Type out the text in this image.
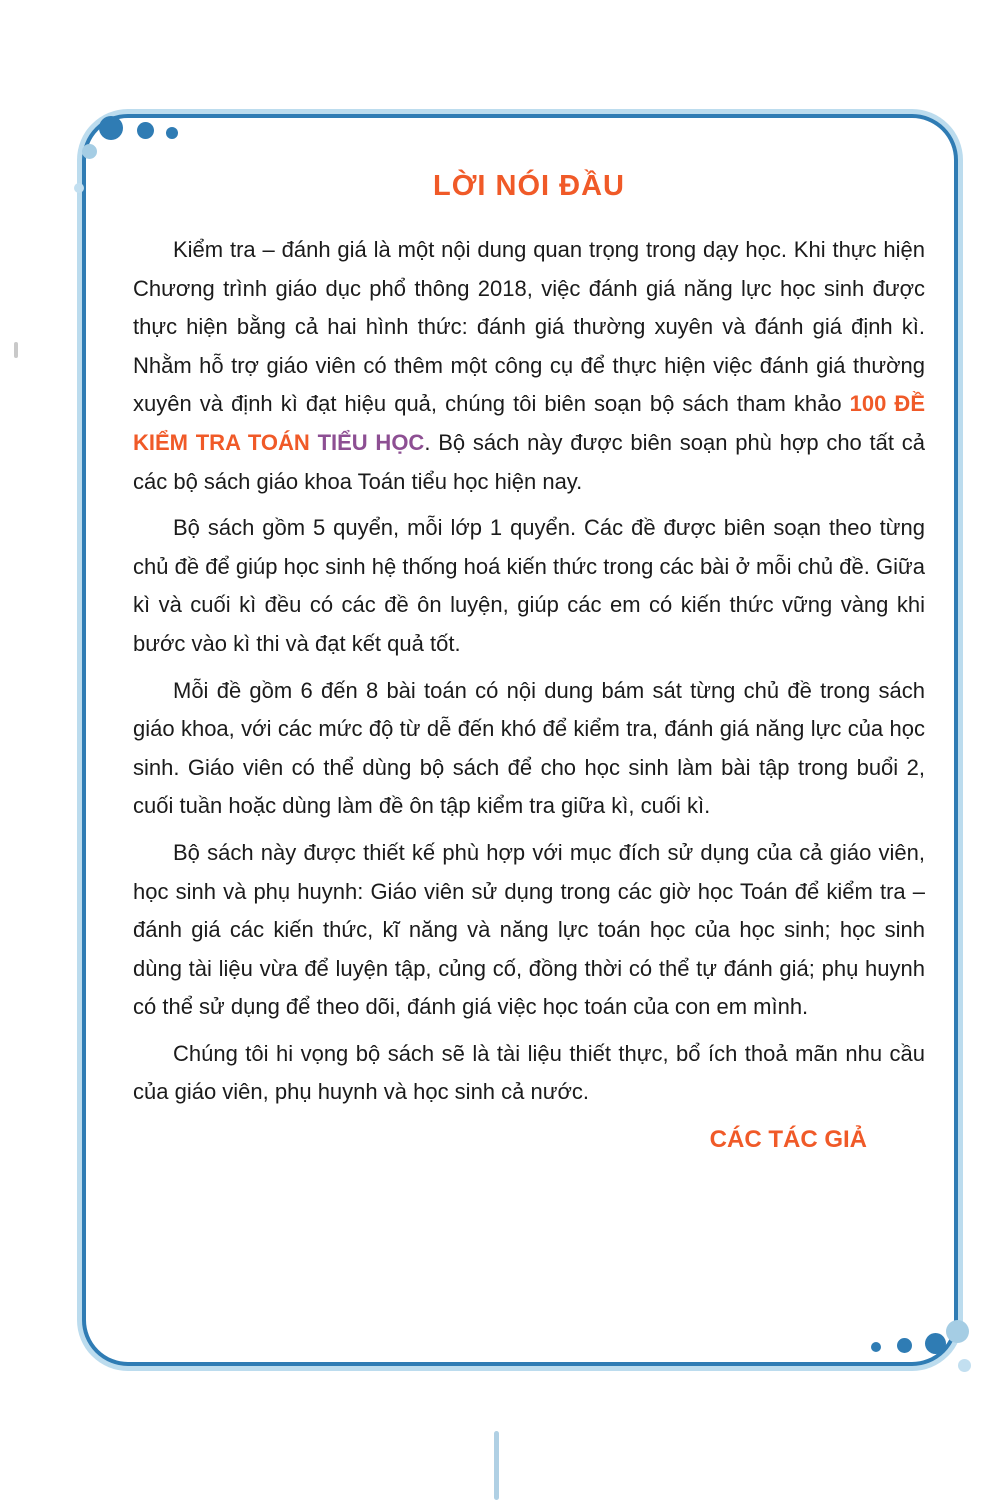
LỜI NÓI ĐẦU

Kiểm tra – đánh giá là một nội dung quan trọng trong dạy học. Khi thực hiện Chương trình giáo dục phổ thông 2018, việc đánh giá năng lực học sinh được thực hiện bằng cả hai hình thức: đánh giá thường xuyên và đánh giá định kì. Nhằm hỗ trợ giáo viên có thêm một công cụ để thực hiện việc đánh giá thường xuyên và định kì đạt hiệu quả, chúng tôi biên soạn bộ sách tham khảo 100 ĐỀ KIỂM TRA TOÁN TIỂU HỌC. Bộ sách này được biên soạn phù hợp cho tất cả các bộ sách giáo khoa Toán tiểu học hiện nay.

Bộ sách gồm 5 quyển, mỗi lớp 1 quyển. Các đề được biên soạn theo từng chủ đề để giúp học sinh hệ thống hoá kiến thức trong các bài ở mỗi chủ đề. Giữa kì và cuối kì đều có các đề ôn luyện, giúp các em có kiến thức vững vàng khi bước vào kì thi và đạt kết quả tốt.

Mỗi đề gồm 6 đến 8 bài toán có nội dung bám sát từng chủ đề trong sách giáo khoa, với các mức độ từ dễ đến khó để kiểm tra, đánh giá năng lực của học sinh. Giáo viên có thể dùng bộ sách để cho học sinh làm bài tập trong buổi 2, cuối tuần hoặc dùng làm đề ôn tập kiểm tra giữa kì, cuối kì.

Bộ sách này được thiết kế phù hợp với mục đích sử dụng của cả giáo viên, học sinh và phụ huynh: Giáo viên sử dụng trong các giờ học Toán để kiểm tra – đánh giá các kiến thức, kĩ năng và năng lực toán học của học sinh; học sinh dùng tài liệu vừa để luyện tập, củng cố, đồng thời có thể tự đánh giá; phụ huynh có thể sử dụng để theo dõi, đánh giá việc học toán của con em mình.

Chúng tôi hi vọng bộ sách sẽ là tài liệu thiết thực, bổ ích thoả mãn nhu cầu của giáo viên, phụ huynh và học sinh cả nước.

CÁC TÁC GIẢ
